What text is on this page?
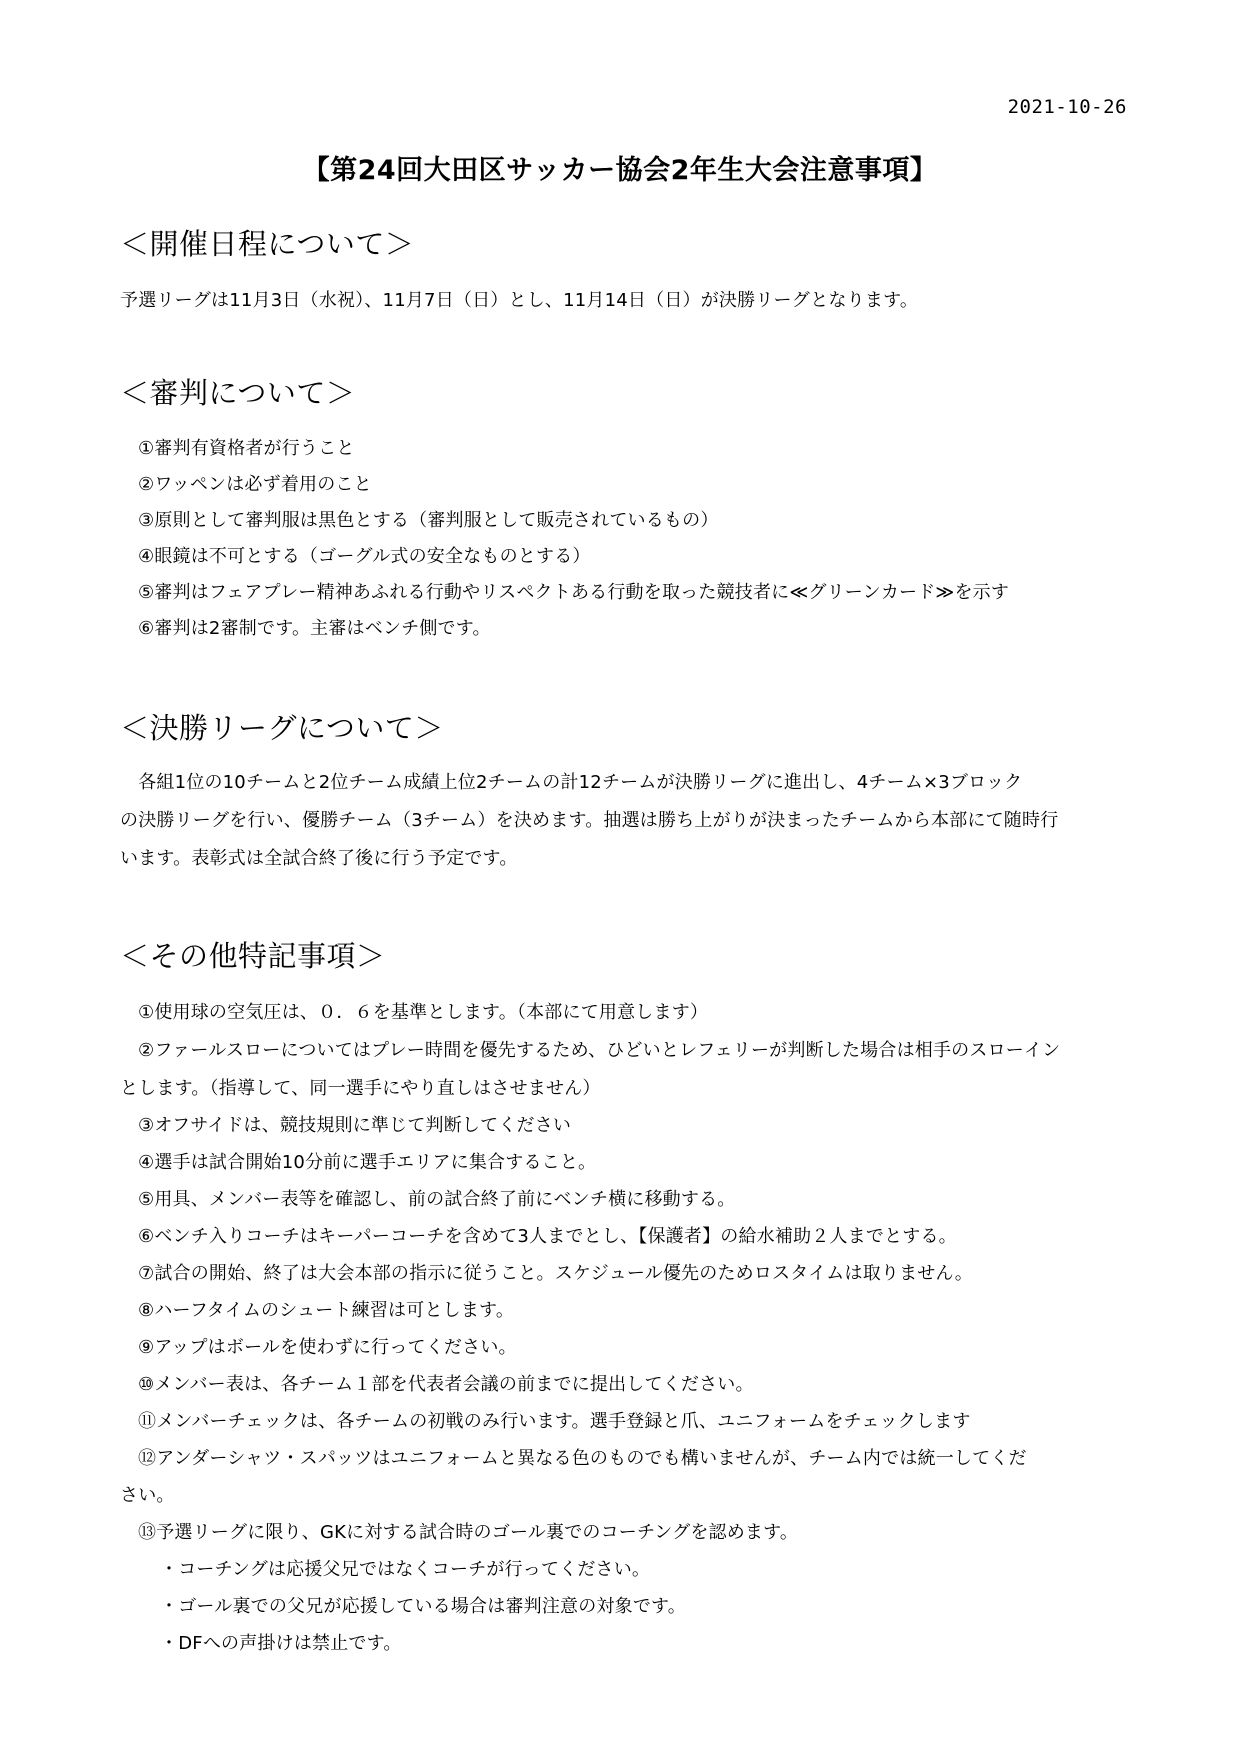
2021-10-26
【第24回大田区サッカー協会2年生大会注意事項】
＜開催日程について＞
予選リーグは11月3日（水祝）、11月7日（日）とし、11月14日（日）が決勝リーグとなります。
＜審判について＞
①審判有資格者が行うこと
②ワッペンは必ず着用のこと
③原則として審判服は黒色とする（審判服として販売されているもの）
④眼鏡は不可とする（ゴーグル式の安全なものとする）
⑤審判はフェアプレー精神あふれる行動やリスペクトある行動を取った競技者に≪グリーンカード≫を示す
⑥審判は2審制です。主審はベンチ側です。
＜決勝リーグについて＞
　各組1位の10チームと2位チーム成績上位2チームの計12チームが決勝リーグに進出し、4チーム×3ブロック
の決勝リーグを行い、優勝チーム（3チーム）を決めます。抽選は勝ち上がりが決まったチームから本部にて随時行
います。表彰式は全試合終了後に行う予定です。
＜その他特記事項＞
①使用球の空気圧は、０．６を基準とします。（本部にて用意します）
②ファールスローについてはプレー時間を優先するため、ひどいとレフェリーが判断した場合は相手のスローイン
とします。（指導して、同一選手にやり直しはさせません）
③オフサイドは、競技規則に準じて判断してください
④選手は試合開始10分前に選手エリアに集合すること。
⑤用具、メンバー表等を確認し、前の試合終了前にベンチ横に移動する。
⑥ベンチ入りコーチはキーパーコーチを含めて3人までとし、【保護者】の給水補助２人までとする。
⑦試合の開始、終了は大会本部の指示に従うこと。スケジュール優先のためロスタイムは取りません。
⑧ハーフタイムのシュート練習は可とします。
⑨アップはボールを使わずに行ってください。
⑩メンバー表は、各チーム１部を代表者会議の前までに提出してください。
⑪メンバーチェックは、各チームの初戦のみ行います。選手登録と爪、ユニフォームをチェックします
⑫アンダーシャツ・スパッツはユニフォームと異なる色のものでも構いませんが、チーム内では統一してくだ
さい。
⑬予選リーグに限り、GKに対する試合時のゴール裏でのコーチングを認めます。
・コーチングは応援父兄ではなくコーチが行ってください。
・ゴール裏での父兄が応援している場合は審判注意の対象です。
・DFへの声掛けは禁止です。
